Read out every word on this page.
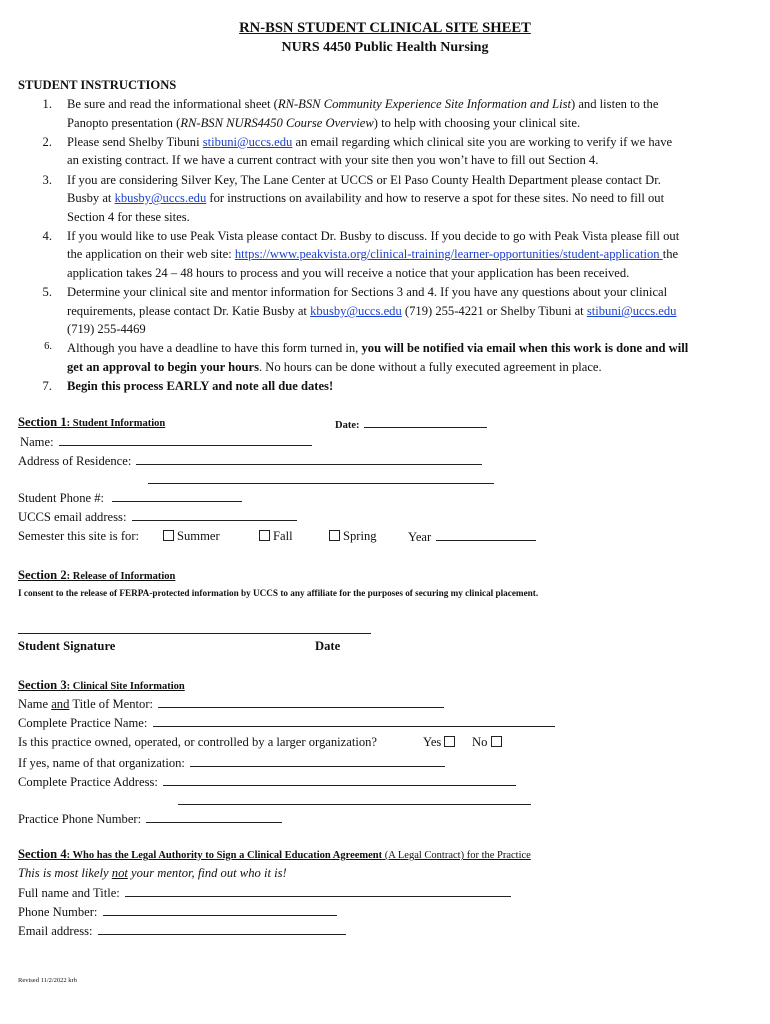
RN-BSN STUDENT CLINICAL SITE SHEET
NURS 4450 Public Health Nursing
STUDENT INSTRUCTIONS
1. Be sure and read the informational sheet (RN-BSN Community Experience Site Information and List) and listen to the
Panopto presentation (RN-BSN NURS4450 Course Overview) to help with choosing your clinical site.
2. Please send Shelby Tibuni stibuni@uccs.edu an email regarding which clinical site you are working to verify if we have
an existing contract. If we have a current contract with your site then you won’t have to fill out Section 4.
3. If you are considering Silver Key, The Lane Center at UCCS or El Paso County Health Department please contact Dr.
Busby at kbusby@uccs.edu for instructions on availability and how to reserve a spot for these sites. No need to fill out
Section 4 for these sites.
4. If you would like to use Peak Vista please contact Dr. Busby to discuss. If you decide to go with Peak Vista please fill out
the application on their web site: https://www.peakvista.org/clinical-training/learner-opportunities/student-application the
application takes 24 – 48 hours to process and you will receive a notice that your application has been received.
5. Determine your clinical site and mentor information for Sections 3 and 4. If you have any questions about your clinical
requirements, please contact Dr. Katie Busby at kbusby@uccs.edu (719) 255-4221 or Shelby Tibuni at stibuni@uccs.edu
(719) 255-4469
6. Although you have a deadline to have this form turned in, you will be notified via email when this work is done and will
get an approval to begin your hours. No hours can be done without a fully executed agreement in place.
7. Begin this process EARLY and note all due dates!
Section 1: Student Information	Date:
Name:
Address of Residence:
Student Phone #:
UCCS email address:
Semester this site is for:	Summer	Fall	Spring Year
Section 2: Release of Information
I consent to the release of FERPA-protected information by UCCS to any affiliate for the purposes of securing my clinical placement.
Student Signature	Date
Section 3: Clinical Site Information
Name and Title of Mentor:
Complete Practice Name:
Is this practice owned, operated, or controlled by a larger organization?	Yes	No
If yes, name of that organization:
Complete Practice Address:
Practice Phone Number:
Section 4: Who has the Legal Authority to Sign a Clinical Education Agreement (A Legal Contract) for the Practice
This is most likely not your mentor, find out who it is!
Full name and Title:
Phone Number:
Email address:
Revised 11/2/2022 krb
